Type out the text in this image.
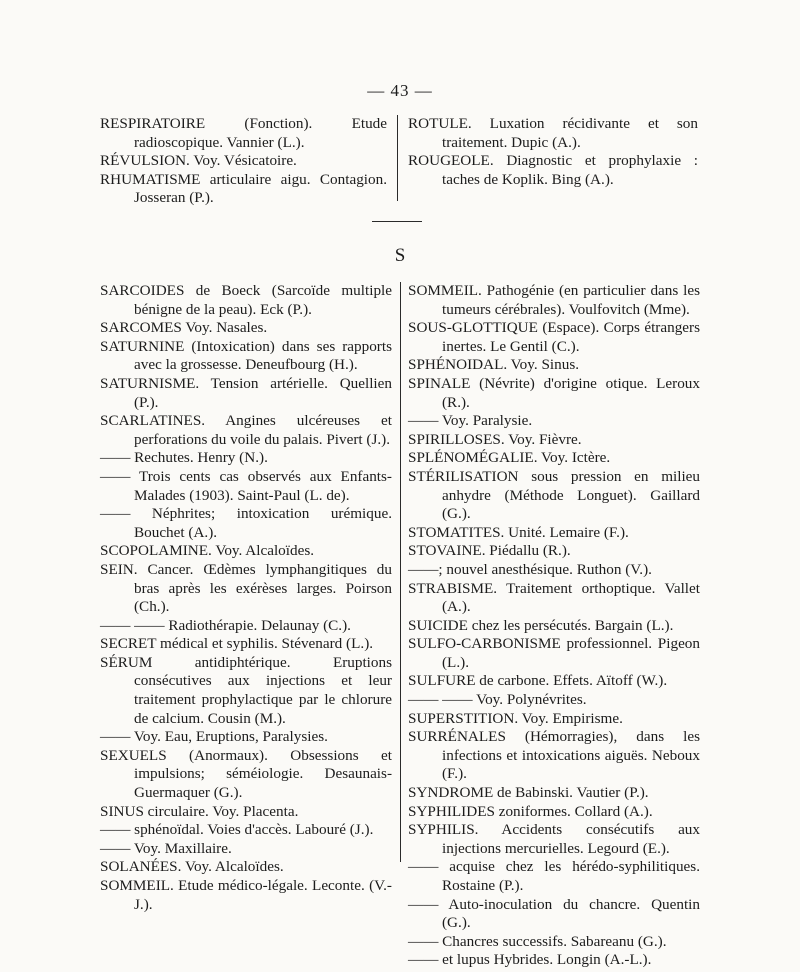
— 43 —

RESPIRATOIRE (Fonction). Etude radioscopique. Vannier (L.).

RÉVULSION. Voy. Vésicatoire.

RHUMATISME articulaire aigu. Contagion. Josseran (P.).

ROTULE. Luxation récidivante et son traitement. Dupic (A.).

ROUGEOLE. Diagnostic et prophylaxie : taches de Koplik. Bing (A.).

S

SARCOIDES de Boeck (Sarcoïde multiple bénigne de la peau). Eck (P.).

SARCOMES Voy. Nasales.

SATURNINE (Intoxication) dans ses rapports avec la grossesse. Deneufbourg (H.).

SATURNISME. Tension artérielle. Quellien (P.).

SCARLATINES. Angines ulcéreuses et perforations du voile du palais. Pivert (J.).

—— Rechutes. Henry (N.).

—— Trois cents cas observés aux Enfants-Malades (1903). Saint-Paul (L. de).

—— Néphrites; intoxication urémique. Bouchet (A.).

SCOPOLAMINE. Voy. Alcaloïdes.

SEIN. Cancer. Œdèmes lymphangitiques du bras après les exérèses larges. Poirson (Ch.).

—— —— Radiothérapie. Delaunay (C.).

SECRET médical et syphilis. Stévenard (L.).

SÉRUM antidiphtérique. Eruptions consécutives aux injections et leur traitement prophylactique par le chlorure de calcium. Cousin (M.).

—— Voy. Eau, Eruptions, Paralysies.

SEXUELS (Anormaux). Obsessions et impulsions; séméiologie. Desaunais-Guermaquer (G.).

SINUS circulaire. Voy. Placenta.

—— sphénoïdal. Voies d'accès. Labouré (J.).

—— Voy. Maxillaire.

SOLANÉES. Voy. Alcaloïdes.

SOMMEIL. Etude médico-légale. Leconte. (V.-J.).

SOMMEIL. Pathogénie (en particulier dans les tumeurs cérébrales). Voulfovitch (Mme).

SOUS-GLOTTIQUE (Espace). Corps étrangers inertes. Le Gentil (C.).

SPHÉNOIDAL. Voy. Sinus.

SPINALE (Névrite) d'origine otique. Leroux (R.).

—— Voy. Paralysie.

SPIRILLOSES. Voy. Fièvre.

SPLÉNOMÉGALIE. Voy. Ictère.

STÉRILISATION sous pression en milieu anhydre (Méthode Longuet). Gaillard (G.).

STOMATITES. Unité. Lemaire (F.).

STOVAINE. Piédallu (R.).

——; nouvel anesthésique. Ruthon (V.).

STRABISME. Traitement orthoptique. Vallet (A.).

SUICIDE chez les persécutés. Bargain (L.).

SULFO-CARBONISME professionnel. Pigeon (L.).

SULFURE de carbone. Effets. Aïtoff (W.).

—— —— Voy. Polynévrites.

SUPERSTITION. Voy. Empirisme.

SURRÉNALES (Hémorragies), dans les infections et intoxications aiguës. Neboux (F.).

SYNDROME de Babinski. Vautier (P.).

SYPHILIDES zoniformes. Collard (A.).

SYPHILIS. Accidents consécutifs aux injections mercurielles. Legourd (E.).

—— acquise chez les hérédo-syphilitiques. Rostaine (P.).

—— Auto-inoculation du chancre. Quentin (G.).

—— Chancres successifs. Sabareanu (G.).

—— et lupus Hybrides. Longin (A.-L.).
